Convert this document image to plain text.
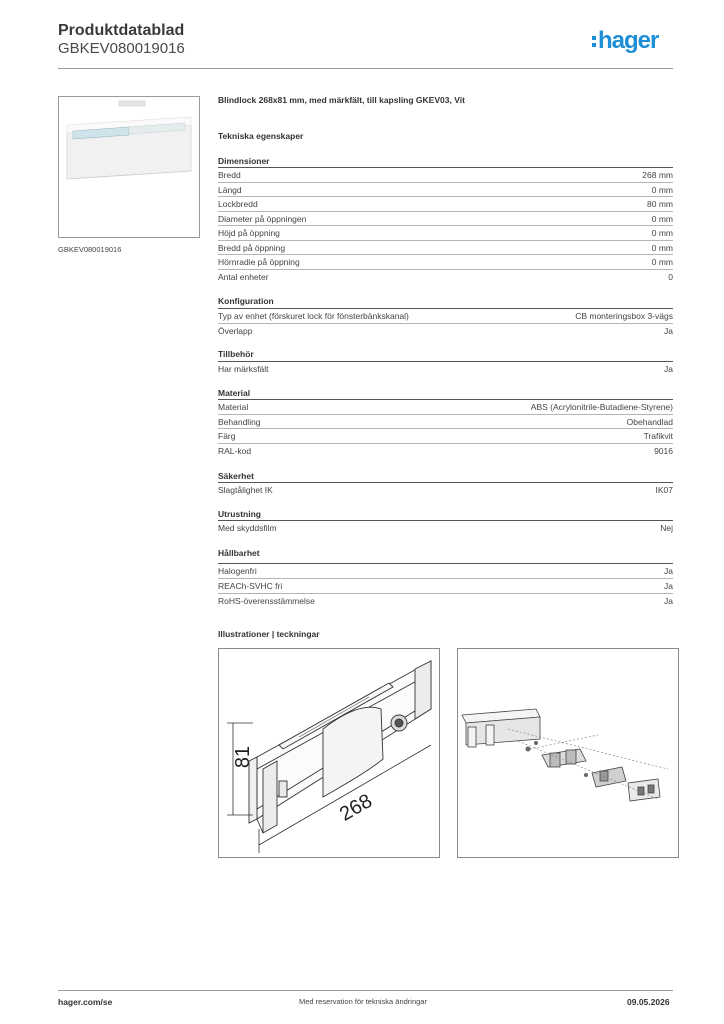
Produktdatablad
GBKEV080019016	hager
GBKEV080019016
Blindlock 268x81 mm, med märkfält, till kapsling GKEV03, Vit
Tekniska egenskaper
Dimensioner
Bredd	268 mm
Längd	0 mm
Lockbredd	80 mm
Diameter på öppningen	0 mm
Höjd på öppning	0 mm
Bredd på öppning	0 mm
Hörnradie på öppning	0 mm
Antal enheter	0
Konfiguration
Typ av enhet (förskuret lock för fönsterbänkskanal)	CB monteringsbox 3-vägs
Överlapp	Ja
Tillbehör
Har märksfält	Ja
Material
Material	ABS (Acrylonitrile-Butadiene-Styrene)
Behandling	Obehandlad
Färg	Trafikvit
RAL-kod	9016
Säkerhet
Slagtålighet IK	IK07
Utrustning
Med skyddsfilm	Nej
Hållbarhet
Halogenfri	Ja
REACh-SVHC fri	Ja
RoHS-överensstämmelse	Ja
Illustrationer | teckningar
81
268
hager.com/se	Med reservation för tekniska ändringar	09.05.2026
